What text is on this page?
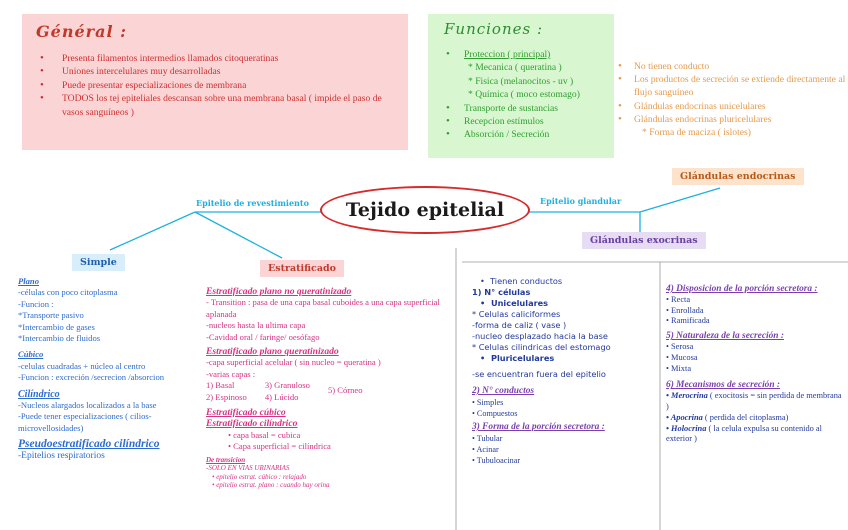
Général :
• Presenta filamentos intermedios llamados citoqueratinas
• Uniones intercelulares muy desarrolladas
• Puede presentar especializaciones de membrana
• TODOS los tej epiteliales descansan sobre una membrana basal ( impide el paso de vasos sanguíneos )
Funciones :
• Proteccion ( principal)
* Mecanica ( queratina )
* Fisica (melanocitos - uv )
* Química ( moco estomago)
• Transporte de sustancias
• Recepcion estímulos
• Absorción / Secreción
• No tienen conducto
• Los productos de secreción se extiende directamente al flujo sanguíneo
• Glándulas endocrinas unicelulares
• Glándulas endocrinas pluricelulares
* Forma de maciza ( islotes)
Tejido epitelial
Epitelio de revestimiento	Epitelio glandular
Simple
Estratificado
Glándulas endocrinas
Glándulas exocrinas
Plano
-células con poco citoplasma
-Funcion :
*Transporte pasivo
*Intercambio de gases
*Intercambio de fluidos
Cúbico
-celulas cuadradas + núcleo al centro
-Funcion : excreción /secrecion /absorcion
Cilíndrico
-Nucleos alargados localizados a la base
-Puede tener especializaciones ( cilios-microvellosidades)
Pseudoestratificado cilíndrico
-Epitelios respiratorios
Estratificado plano no queratinizado
- Transition : pasa de una capa basal cuboides a una capa superficial aplanada
-nucleos hasta la ultima capa
-Cavidad oral / faringe/ oesófago
Estratificado plano queratinizado
-capa superficial acelular ( sin nucleo = queratina )
-varias capas :
1) Basal
2) Espinoso
3) Granuloso
4) Lúcido
5) Córneo
Estratificado cúbico
Estratificado cilíndrico
• capa basal = cubica
• Capa superficial = cilíndrica
De transicion
-SOLO EN VIAS URINARIAS
• epitelio estrat. cúbico : relajado
• epitelio estrat. plano : cuando hay orina
•  Tienen conductos
1) N° células
•  Unicelulares
* Celulas caliciformes
-forma de caliz ( vase )
-nucleo desplazado hacia la base
* Celulas cilindricas del estomago
•  Pluricelulares
-se encuentran fuera del epitelio
2) N° conductos
• Simples
• Compuestos
3) Forma de la porción secretora :
• Tubular
• Acinar
• Tubuloacinar
4) Disposicion de la porción secretora :
• Recta
• Enrollada
• Ramificada
5) Naturaleza de la secreción :
• Serosa
• Mucosa
• Mixta
6) Mecanismos de secreción :
• Merocrina ( exocitosis = sin perdida de membrana )
• Apocrina ( perdida del citoplasma)
• Holocrina ( la celula expulsa su contenido al exterior )
